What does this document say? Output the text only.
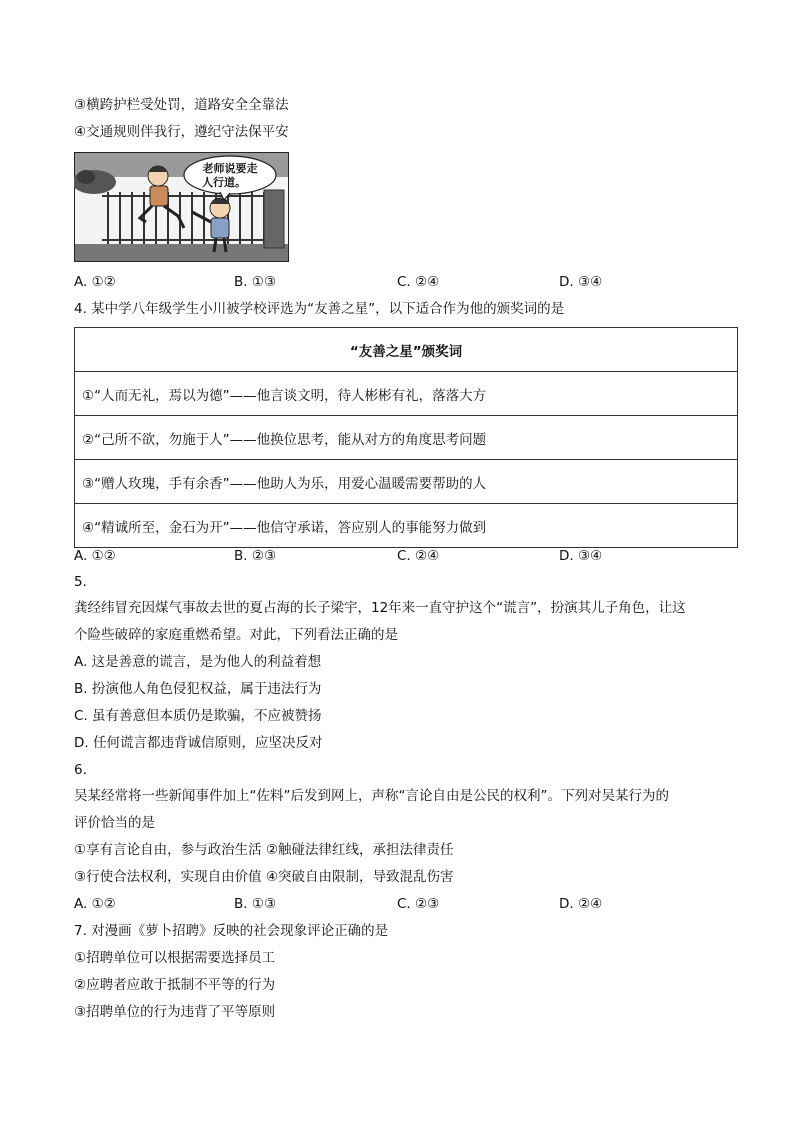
③横跨护栏受处罚，道路安全全靠法
④交通规则伴我行，遵纪守法保平安
老师说要走
人行道。
A. ①②	B. ①③	C. ②④	D. ③④
4. 某中学八年级学生小川被学校评选为“友善之星”，以下适合作为他的颁奖词的是
“友善之星”颁奖词
①“人而无礼，焉以为德”——他言谈文明，待人彬彬有礼，落落大方
②“己所不欲，勿施于人”——他换位思考，能从对方的角度思考问题
③“赠人玫瑰，手有余香”——他助人为乐，用爱心温暖需要帮助的人
④“精诚所至，金石为开”——他信守承诺，答应别人的事能努力做到
A. ①②	B. ②③	C. ②④	D. ③④
5.
龚经纬冒充因煤气事故去世的夏占海的长子梁宇，12年来一直守护这个“谎言”，扮演其儿子角色，让这
个险些破碎的家庭重燃希望。对此，下列看法正确的是
A. 这是善意的谎言，是为他人的利益着想
B. 扮演他人角色侵犯权益，属于违法行为
C. 虽有善意但本质仍是欺骗，不应被赞扬
D. 任何谎言都违背诚信原则，应坚决反对
6.
吴某经常将一些新闻事件加上“佐料”后发到网上，声称“言论自由是公民的权利”。下列对吴某行为的
评价恰当的是
①享有言论自由，参与政治生活 ②触碰法律红线，承担法律责任
③行使合法权利，实现自由价值 ④突破自由限制，导致混乱伤害
A. ①②	B. ①③	C. ②③	D. ②④
7. 对漫画《萝卜招聘》反映的社会现象评论正确的是
①招聘单位可以根据需要选择员工
②应聘者应敢于抵制不平等的行为
③招聘单位的行为违背了平等原则
